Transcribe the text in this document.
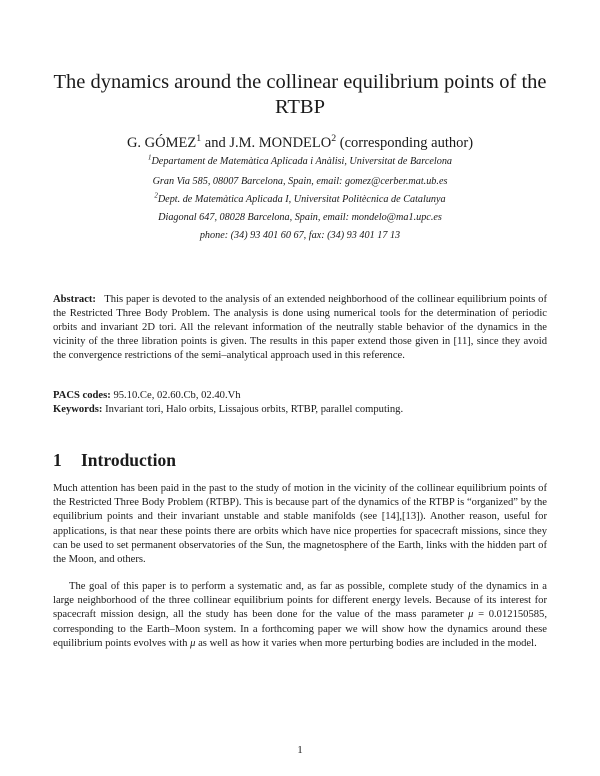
The dynamics around the collinear equilibrium points of the RTBP
G. GÓMEZ$^1$ and J.M. MONDELO$^2$ (corresponding author)
$^1$Departament de Matemàtica Aplicada i Anàlisi, Universitat de Barcelona
Gran Via 585, 08007 Barcelona, Spain, email: gomez@cerber.mat.ub.es
$^2$Dept. de Matemàtica Aplicada I, Universitat Politècnica de Catalunya
Diagonal 647, 08028 Barcelona, Spain, email: mondelo@ma1.upc.es
phone: (34) 93 401 60 67, fax: (34) 93 401 17 13
Abstract: This paper is devoted to the analysis of an extended neighborhood of the collinear equilibrium points of the Restricted Three Body Problem. The analysis is done using numerical tools for the determination of periodic orbits and invariant 2D tori. All the relevant information of the neutrally stable behavior of the dynamics in the vicinity of the three libration points is given. The results in this paper extend those given in [11], since they avoid the convergence restrictions of the semi–analytical approach used in this reference.
PACS codes: 95.10.Ce, 02.60.Cb, 02.40.Vh
Keywords: Invariant tori, Halo orbits, Lissajous orbits, RTBP, parallel computing.
1 Introduction

Much attention has been paid in the past to the study of motion in the vicinity of the collinear equilibrium points of the Restricted Three Body Problem (RTBP). This is because part of the dynamics of the RTBP is “organized” by the equilibrium points and their invariant unstable and stable manifolds (see [14],[13]). Another reason, useful for applications, is that near these points there are orbits which have nice properties for spacecraft missions, since they can be used to set permanent observatories of the Sun, the magnetosphere of the Earth, links with the hidden part of the Moon, and others.

The goal of this paper is to perform a systematic and, as far as possible, complete study of the dynamics in a large neighborhood of the three collinear equilibrium points for different energy levels. Because of its interest for spacecraft mission design, all the study has been done for the value of the mass parameter μ = 0.012150585, corresponding to the Earth–Moon system. In a forthcoming paper we will show how the dynamics around these equilibrium points evolves with μ as well as how it varies when more perturbing bodies are included in the model.

1
